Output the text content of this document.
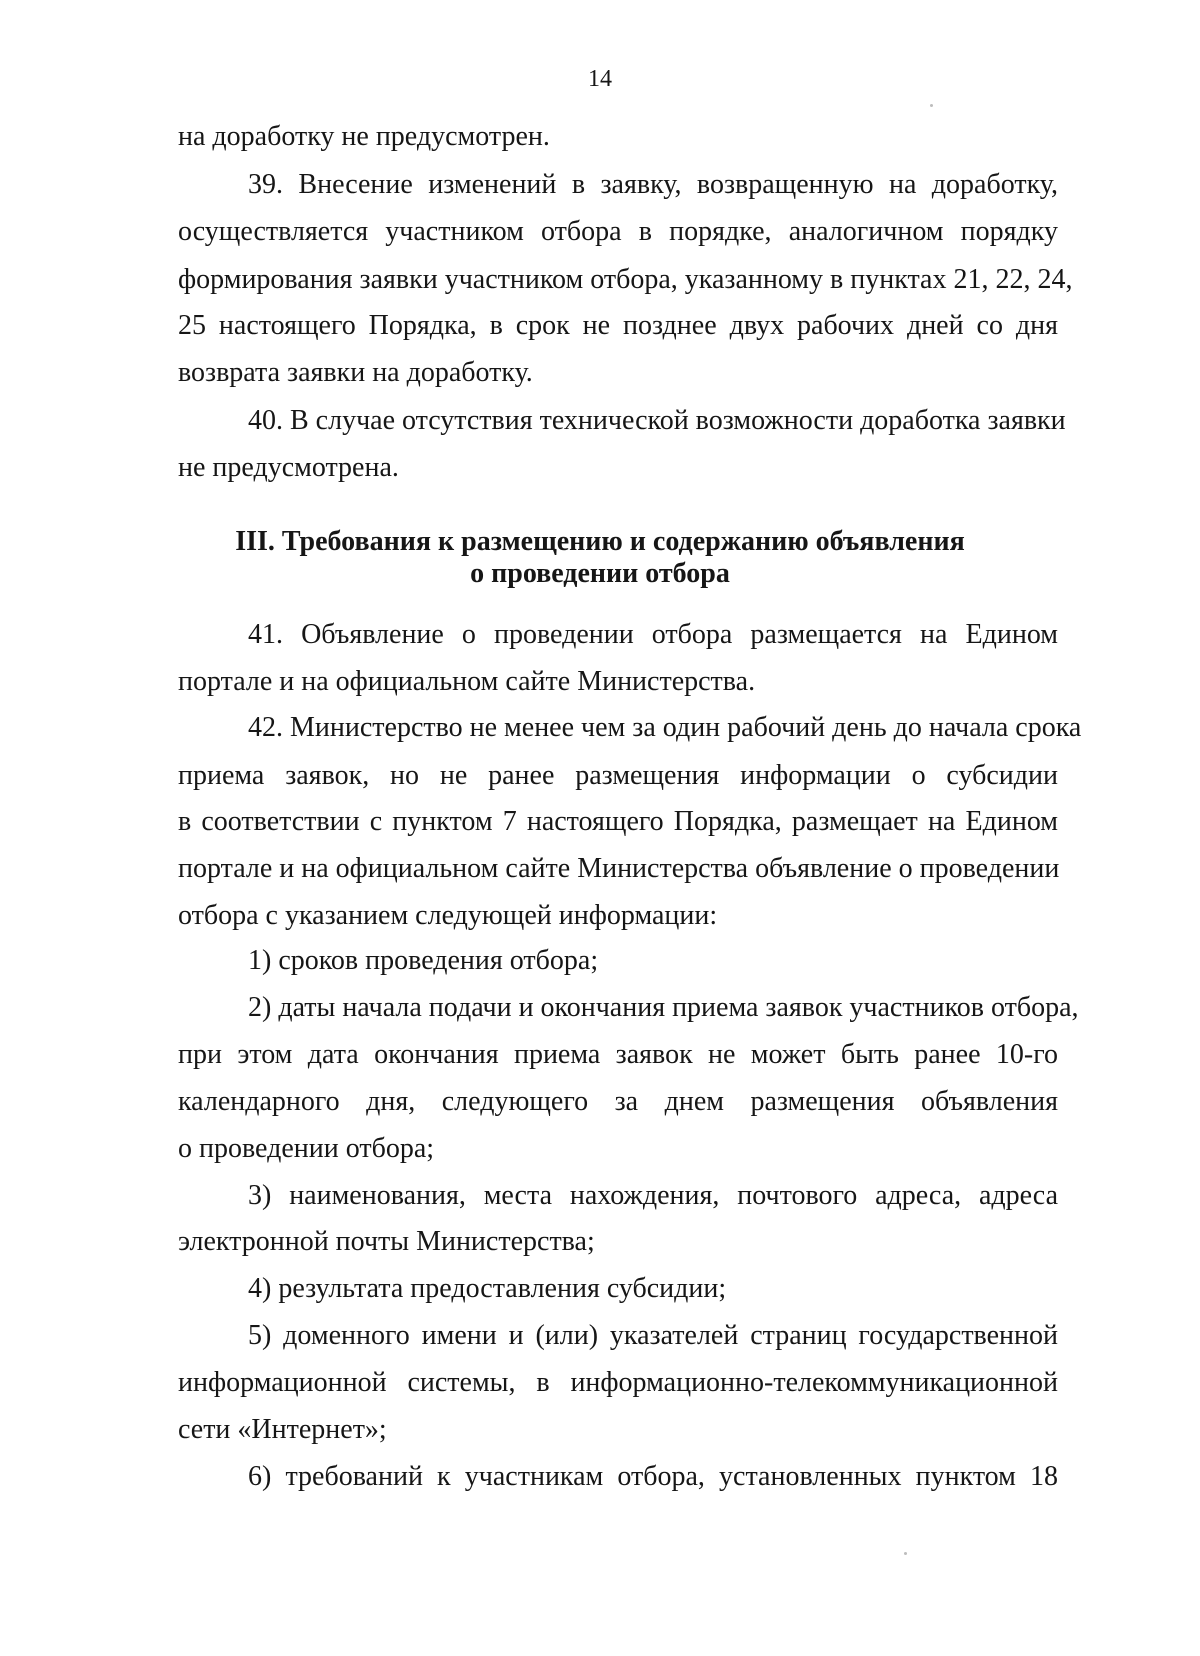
14
на доработку не предусмотрен.
39. Внесение изменений в заявку, возвращенную на доработку,
осуществляется участником отбора в порядке, аналогичном порядку
формирования заявки участником отбора, указанному в пунктах 21, 22, 24,
25 настоящего Порядка, в срок не позднее двух рабочих дней со дня
возврата заявки на доработку.
40. В случае отсутствия технической возможности доработка заявки
не предусмотрена.
III. Требования к размещению и содержанию объявления
о проведении отбора
41. Объявление о проведении отбора размещается на Едином
портале и на официальном сайте Министерства.
42. Министерство не менее чем за один рабочий день до начала срока
приема заявок, но не ранее размещения информации о субсидии
в соответствии с пунктом 7 настоящего Порядка, размещает на Едином
портале и на официальном сайте Министерства объявление о проведении
отбора с указанием следующей информации:
1) сроков проведения отбора;
2) даты начала подачи и окончания приема заявок участников отбора,
при этом дата окончания приема заявок не может быть ранее 10-го
календарного дня, следующего за днем размещения объявления
о проведении отбора;
3) наименования, места нахождения, почтового адреса, адреса
электронной почты Министерства;
4) результата предоставления субсидии;
5) доменного имени и (или) указателей страниц государственной
информационной системы, в информационно-телекоммуникационной
сети «Интернет»;
6) требований к участникам отбора, установленных пунктом 18
